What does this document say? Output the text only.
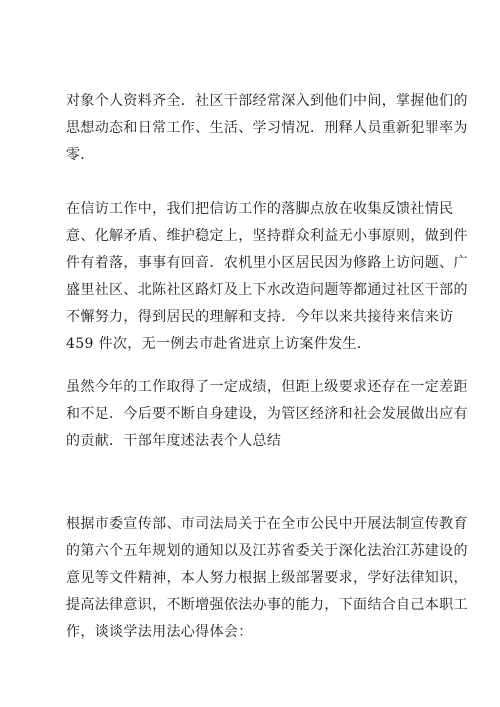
对象个人资料齐全．社区干部经常深入到他们中间，掌握他们的
思想动态和日常工作、生活、学习情况．刑释人员重新犯罪率为
零．
在信访工作中，我们把信访工作的落脚点放在收集反馈社情民
意、化解矛盾、维护稳定上，坚持群众利益无小事原则，做到件
件有着落，事事有回音．农机里小区居民因为修路上访问题、广
盛里社区、北陈社区路灯及上下水改造问题等都通过社区干部的
不懈努力，得到居民的理解和支持．今年以来共接待来信来访
459 件次，无一例去市赴省进京上访案件发生．
虽然今年的工作取得了一定成绩，但距上级要求还存在一定差距
和不足．今后要不断自身建设，为管区经济和社会发展做出应有
的贡献．干部年度述法表个人总结
根据市委宣传部、市司法局关于在全市公民中开展法制宣传教育
的第六个五年规划的通知以及江苏省委关于深化法治江苏建设的
意见等文件精神，本人努力根据上级部署要求，学好法律知识，
提高法律意识，不断增强依法办事的能力，下面结合自己本职工
作，谈谈学法用法心得体会：
